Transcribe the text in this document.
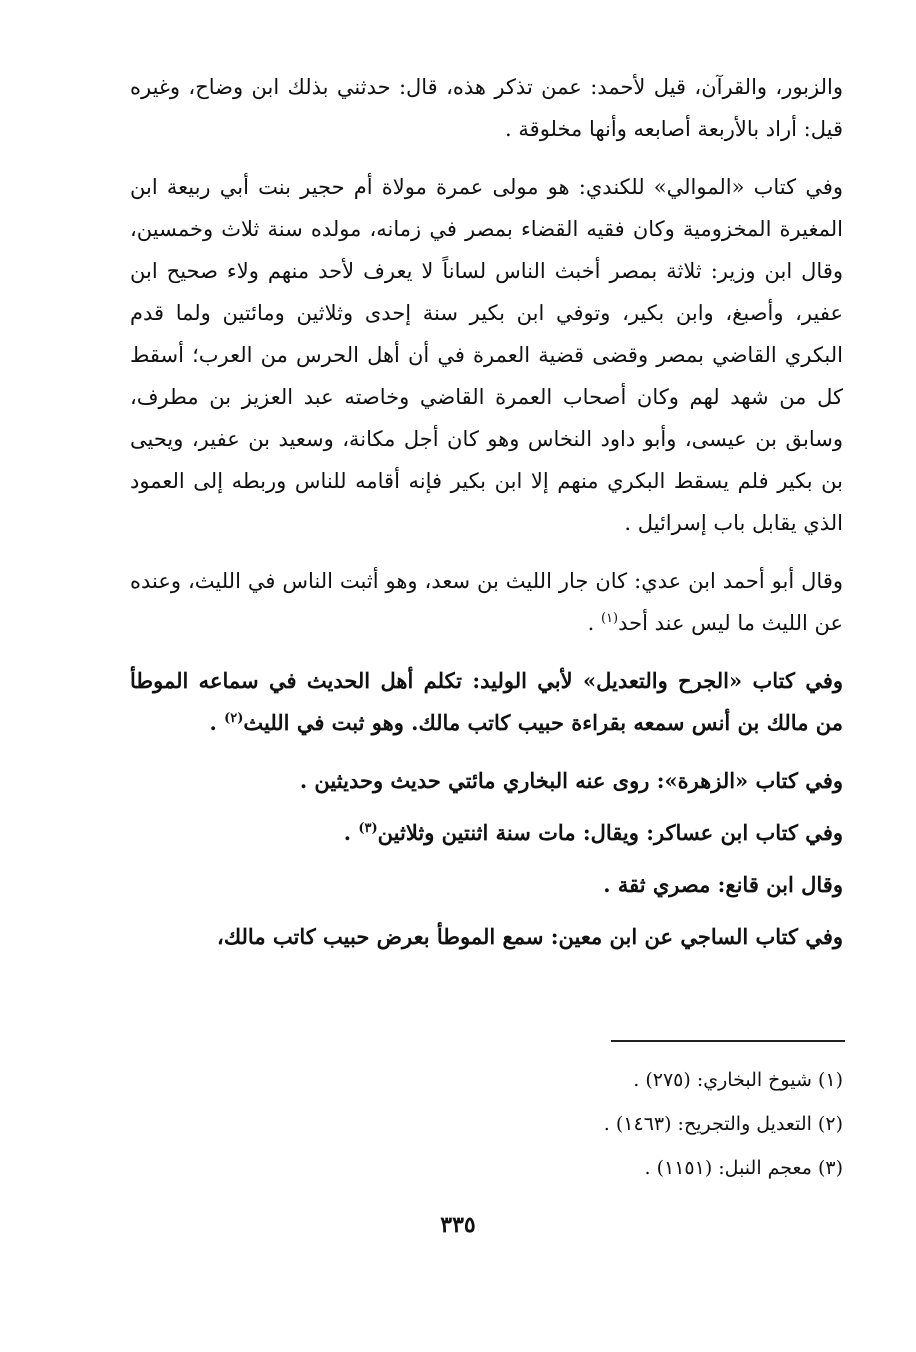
والزبور، والقرآن، قيل لأحمد: عمن تذكر هذه، قال: حدثني بذلك ابن وضاح، وغيره قيل: أراد بالأربعة أصابعه وأنها مخلوقة .

وفي كتاب «الموالي» للكندي: هو مولى عمرة مولاة أم حجير بنت أبي ربيعة ابن المغيرة المخزومية وكان فقيه القضاء بمصر في زمانه، مولده سنة ثلاث وخمسين، وقال ابن وزير: ثلاثة بمصر أخبث الناس لساناً لا يعرف لأحد منهم ولاء صحيح ابن عفير، وأصبغ، وابن بكير، وتوفي ابن بكير سنة إحدى وثلاثين ومائتين ولما قدم البكري القاضي بمصر وقضى قضية العمرة في أن أهل الحرس من العرب؛ أسقط كل من شهد لهم وكان أصحاب العمرة القاضي وخاصته عبد العزيز بن مطرف، وسابق بن عيسى، وأبو داود النخاس وهو كان أجل مكانة، وسعيد بن عفير، ويحيى بن بكير فلم يسقط البكري منهم إلا ابن بكير فإنه أقامه للناس وربطه إلى العمود الذي يقابل باب إسرائيل .

وقال أبو أحمد ابن عدي: كان جار الليث بن سعد، وهو أثبت الناس في الليث، وعنده عن الليث ما ليس عند أحد$^{(١)}$ .

وفي كتاب «الجرح والتعديل» لأبي الوليد: تكلم أهل الحديث في سماعه الموطأ من مالك بن أنس سمعه بقراءة حبيب كاتب مالك. وهو ثبت في الليث$^{(٢)}$ .

وفي كتاب «الزهرة»: روى عنه البخاري مائتي حديث وحديثين .

وفي كتاب ابن عساكر: ويقال: مات سنة اثنتين وثلاثين$^{(٣)}$ .

وقال ابن قانع: مصري ثقة .

وفي كتاب الساجي عن ابن معين: سمع الموطأ بعرض حبيب كاتب مالك،

(١) شيوخ البخاري: (٢٧٥) .

(٢) التعديل والتجريح: (١٤٦٣) .

(٣) معجم النبل: (١١٥١) .

٣٣٥
